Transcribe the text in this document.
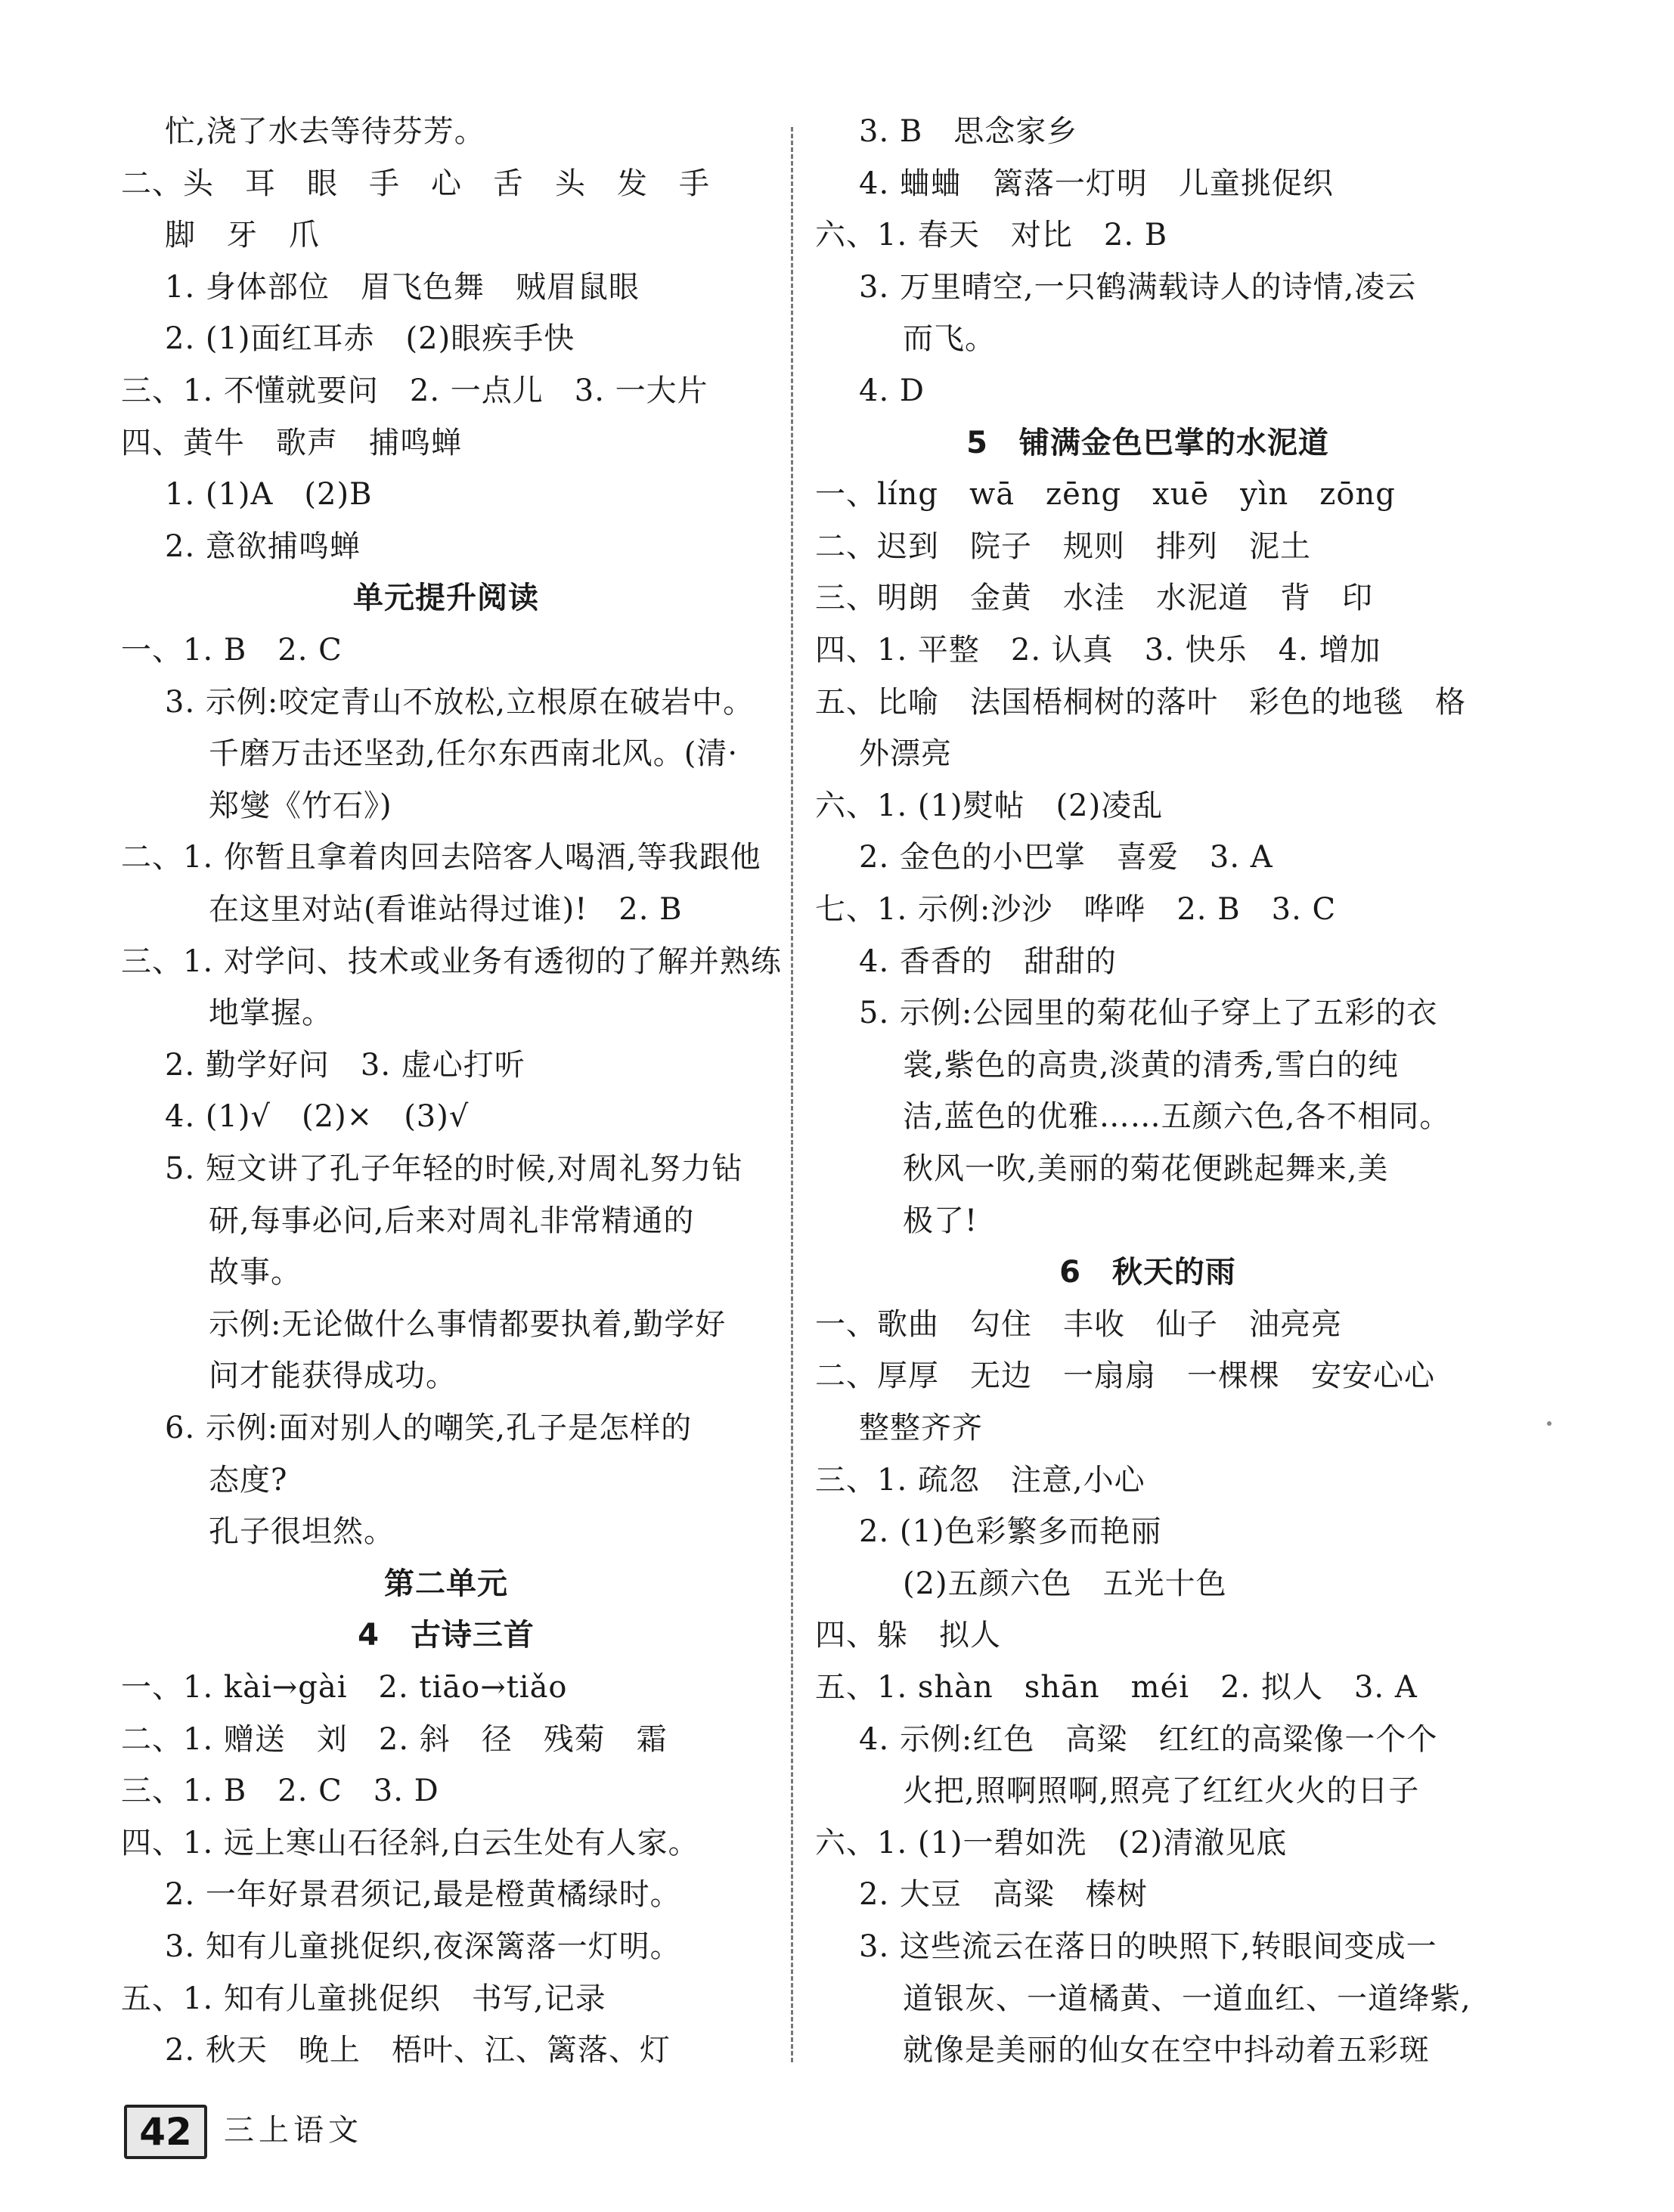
忙,浇了水去等待芬芳。
二、头　耳　眼　手　心　舌　头　发　手
脚　牙　爪
1. 身体部位　眉飞色舞　贼眉鼠眼
2. (1)面红耳赤　(2)眼疾手快
三、1. 不懂就要问　2. 一点儿　3. 一大片
四、黄牛　歌声　捕鸣蝉
1. (1)A　(2)B
2. 意欲捕鸣蝉
单元提升阅读
一、1. B　2. C
3. 示例:咬定青山不放松,立根原在破岩中。
千磨万击还坚劲,任尔东西南北风。(清·
郑燮《竹石》)
二、1. 你暂且拿着肉回去陪客人喝酒,等我跟他
在这里对站(看谁站得过谁)!　2. B
三、1. 对学问、技术或业务有透彻的了解并熟练
地掌握。
2. 勤学好问　3. 虚心打听
4. (1)√　(2)×　(3)√
5. 短文讲了孔子年轻的时候,对周礼努力钻
研,每事必问,后来对周礼非常精通的
故事。
示例:无论做什么事情都要执着,勤学好
问才能获得成功。
6. 示例:面对别人的嘲笑,孔子是怎样的
态度?
孔子很坦然。
第二单元
4　古诗三首
一、1. kài→gài　2. tiāo→tiǎo
二、1. 赠送　刘　2. 斜　径　残菊　霜
三、1. B　2. C　3. D
四、1. 远上寒山石径斜,白云生处有人家。
2. 一年好景君须记,最是橙黄橘绿时。
3. 知有儿童挑促织,夜深篱落一灯明。
五、1. 知有儿童挑促织　书写,记录
2. 秋天　晚上　梧叶、江、篱落、灯
3. B　思念家乡
4. 蛐蛐　篱落一灯明　儿童挑促织
六、1. 春天　对比　2. B
3. 万里晴空,一只鹤满载诗人的诗情,凌云
而飞。
4. D
5　铺满金色巴掌的水泥道
一、líng　wā　zēng　xuē　yìn　zōng
二、迟到　院子　规则　排列　泥土
三、明朗　金黄　水洼　水泥道　背　印
四、1. 平整　2. 认真　3. 快乐　4. 增加
五、比喻　法国梧桐树的落叶　彩色的地毯　格
外漂亮
六、1. (1)熨帖　(2)凌乱
2. 金色的小巴掌　喜爱　3. A
七、1. 示例:沙沙　哗哗　2. B　3. C
4. 香香的　甜甜的
5. 示例:公园里的菊花仙子穿上了五彩的衣
裳,紫色的高贵,淡黄的清秀,雪白的纯
洁,蓝色的优雅……五颜六色,各不相同。
秋风一吹,美丽的菊花便跳起舞来,美
极了!
6　秋天的雨
一、歌曲　勾住　丰收　仙子　油亮亮
二、厚厚　无边　一扇扇　一棵棵　安安心心
整整齐齐
三、1. 疏忽　注意,小心
2. (1)色彩繁多而艳丽
(2)五颜六色　五光十色
四、躲　拟人
五、1. shàn　shān　méi　2. 拟人　3. A
4. 示例:红色　高粱　红红的高粱像一个个
火把,照啊照啊,照亮了红红火火的日子
六、1. (1)一碧如洗　(2)清澈见底
2. 大豆　高粱　榛树
3. 这些流云在落日的映照下,转眼间变成一
道银灰、一道橘黄、一道血红、一道绛紫,
就像是美丽的仙女在空中抖动着五彩斑
42	三上语文
